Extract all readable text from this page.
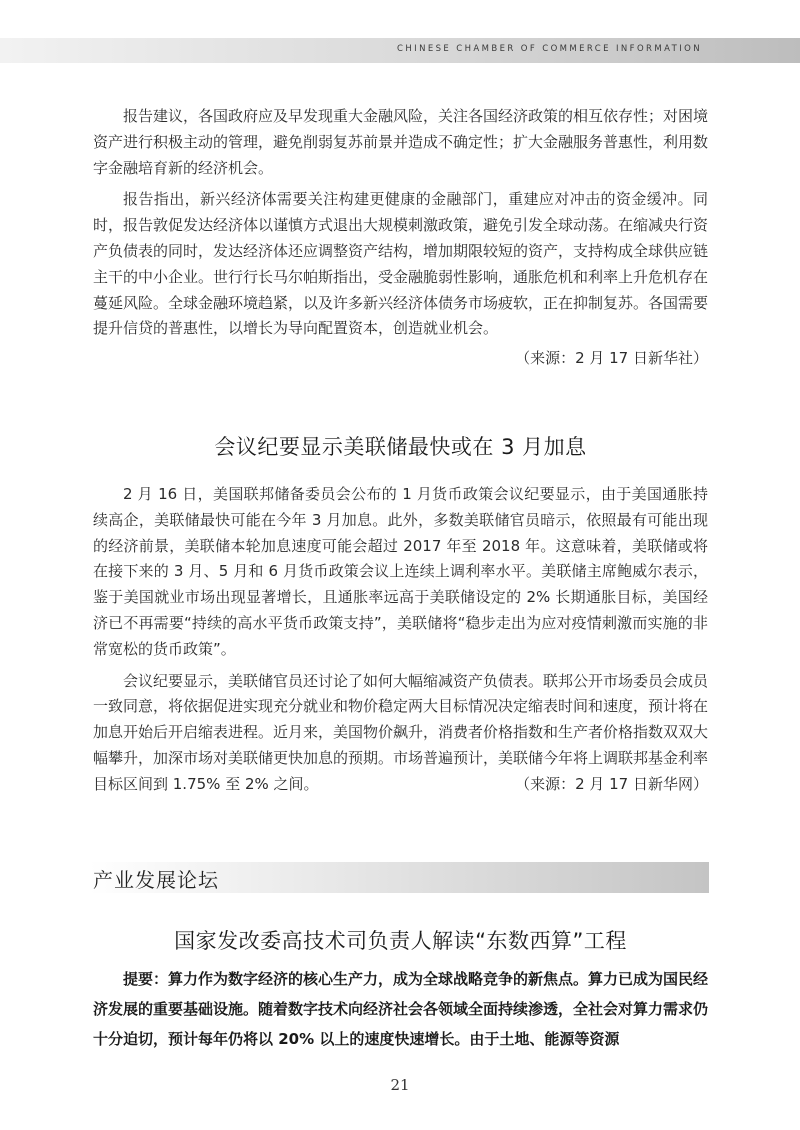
CHINESE CHAMBER OF COMMERCE INFORMATION

报告建议，各国政府应及早发现重大金融风险，关注各国经济政策的相互依存性；对困境资产进行积极主动的管理，避免削弱复苏前景并造成不确定性；扩大金融服务普惠性，利用数字金融培育新的经济机会。

报告指出，新兴经济体需要关注构建更健康的金融部门，重建应对冲击的资金缓冲。同时，报告敦促发达经济体以谨慎方式退出大规模刺激政策，避免引发全球动荡。在缩减央行资产负债表的同时，发达经济体还应调整资产结构，增加期限较短的资产，支持构成全球供应链主干的中小企业。世行行长马尔帕斯指出，受金融脆弱性影响，通胀危机和利率上升危机存在蔓延风险。全球金融环境趋紧，以及许多新兴经济体债务市场疲软，正在抑制复苏。各国需要提升信贷的普惠性，以增长为导向配置资本，创造就业机会。

（来源：2 月 17 日新华社）
会议纪要显示美联储最快或在 3 月加息

2 月 16 日，美国联邦储备委员会公布的 1 月货币政策会议纪要显示，由于美国通胀持续高企，美联储最快可能在今年 3 月加息。此外，多数美联储官员暗示，依照最有可能出现的经济前景，美联储本轮加息速度可能会超过 2017 年至 2018 年。这意味着，美联储或将在接下来的 3 月、5 月和 6 月货币政策会议上连续上调利率水平。美联储主席鲍威尔表示，鉴于美国就业市场出现显著增长，且通胀率远高于美联储设定的 2% 长期通胀目标，美国经济已不再需要“持续的高水平货币政策支持”，美联储将“稳步走出为应对疫情刺激而实施的非常宽松的货币政策”。

会议纪要显示，美联储官员还讨论了如何大幅缩减资产负债表。联邦公开市场委员会成员一致同意，将依据促进实现充分就业和物价稳定两大目标情况决定缩表时间和速度，预计将在加息开始后开启缩表进程。近月来，美国物价飙升，消费者价格指数和生产者价格指数双双大幅攀升，加深市场对美联储更快加息的预期。市场普遍预计，美联储今年将上调联邦基金利率目标区间到 1.75% 至 2% 之间。	（来源：2 月 17 日新华网）

产业发展论坛
国家发改委高技术司负责人解读“东数西算”工程

提要：算力作为数字经济的核心生产力，成为全球战略竞争的新焦点。算力已成为国民经济发展的重要基础设施。随着数字技术向经济社会各领域全面持续渗透，全社会对算力需求仍十分迫切，预计每年仍将以 20% 以上的速度快速增长。由于土地、能源等资源

21
